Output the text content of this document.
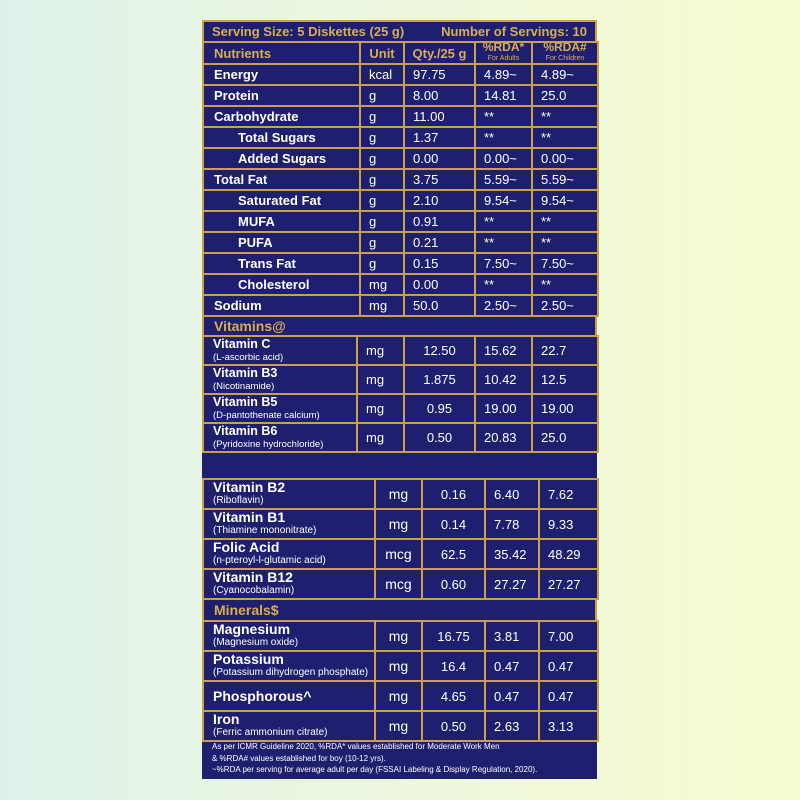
Serving Size: 5 Diskettes (25 g)	Number of Servings: 10
Nutrients	Unit Qty./25 g %RDA*
For Adults
%RDA#
For Children
Energy	kcal 97.75	4.89~ 4.89~
Protein	g	8.00	14.81 25.0
Carbohydrate	g	11.00	**	**
Total Sugars	g	1.37	**	**
Added Sugars	g	0.00	0.00~ 0.00~
Total Fat	g	3.75	5.59~ 5.59~
Saturated Fat	g	2.10	9.54~ 9.54~
MUFA	g	0.91	**	**
PUFA	g	0.21	**	**
Trans Fat	g	0.15	7.50~ 7.50~
Cholesterol	mg 0.00	**	**
Sodium	mg 50.0	2.50~ 2.50~
Vitamins@
Vitamin C
(L-ascorbic acid)	mg	12.50 15.62 22.7
Vitamin B3
(Nicotinamide)	mg	1.875 10.42 12.5
Vitamin B5
(D-pantothenate calcium)	mg	0.95 19.00 19.00
Vitamin B6
(Pyridoxine hydrochloride)	mg	0.50 20.83 25.0
Vitamin B2
(Riboflavin)	mg	0.16 6.40 7.62
Vitamin B1
(Thiamine mononitrate)	mg	0.14 7.78 9.33
Folic Acid
(n-pteroyl-l-glutamic acid)	mcg 62.5 35.42 48.29
Vitamin B12
(Cyanocobalamin)	mcg 0.60 27.27 27.27
Minerals$
Magnesium
(Magnesium oxide)	mg 16.75 3.81 7.00
Potassium
(Potassium dihydrogen phosphate) mg	16.4 0.47 0.47
Phosphorous^	mg	4.65 0.47 0.47
Iron
(Ferric ammonium citrate)	mg	0.50 2.63 3.13
As per ICMR Guideline 2020, %RDA* values established for Moderate Work Men
& %RDA# values established for boy (10-12 yrs).
~%RDA per serving for average adult per day (FSSAI Labeling & Display Regulation, 2020).
